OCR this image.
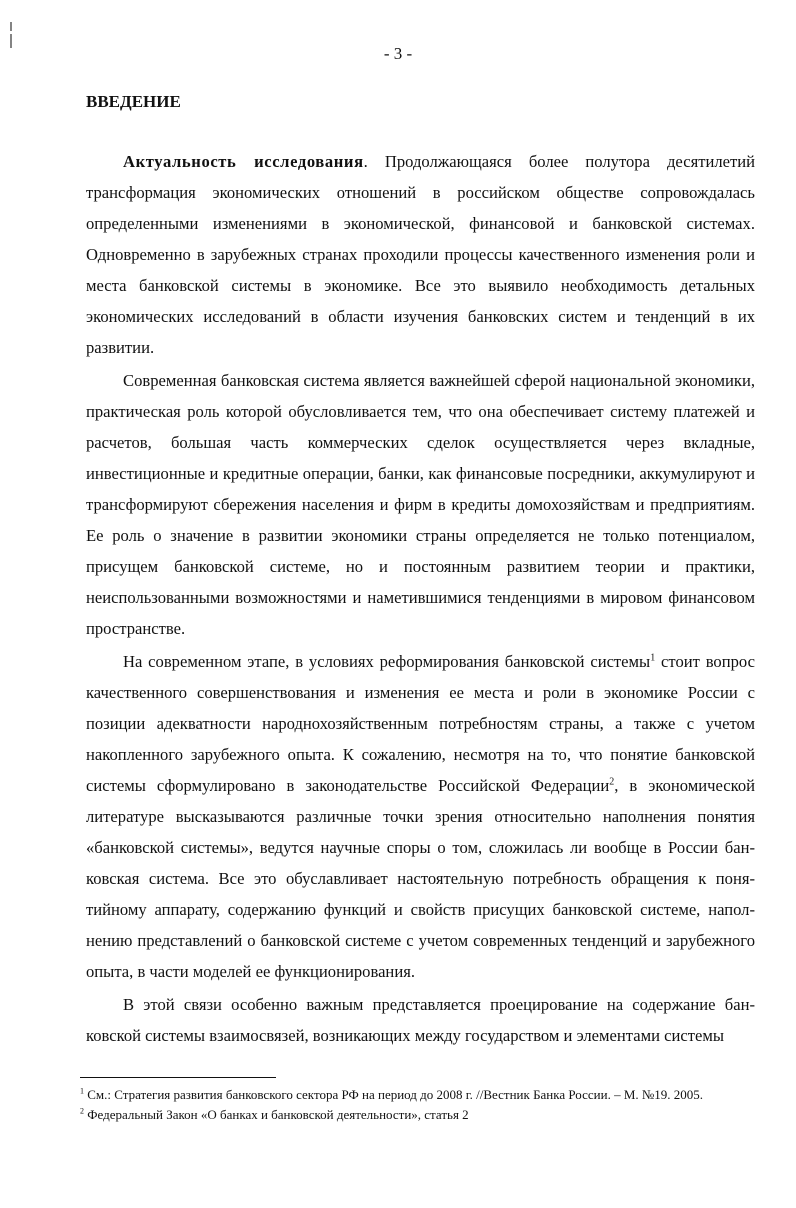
- 3 -
ВВЕДЕНИЕ

Актуальность исследования. Продолжающаяся более полутора десятилетий трансформация экономических отношений в российском обществе сопровождалась определенными изменениями в экономической, финансовой и банковской системах. Одновременно в зарубежных странах проходили процессы качественного изменения роли и места банковской системы в экономике. Все это выявило необходимость детальных экономических исследований в области изучения банковских систем и тенденций в их развитии.

Современная банковская система является важнейшей сферой национальной экономики, практическая роль которой обусловливается тем, что она обеспечивает систему платежей и расчетов, большая часть коммерческих сделок осуществляется через вкладные, инвестиционные и кредитные операции, банки, как финансовые посредники, аккумулируют и трансформируют сбережения населения и фирм в кредиты домохозяйствам и предприятиям. Ее роль о значение в развитии экономики страны определяется не только потенциалом, присущем банковской системе, но и постоянным развитием теории и практики, неиспользованными возможностями и наметившимися тенденциями в мировом финансовом пространстве.

На современном этапе, в условиях реформирования банковской системы$^1$ стоит вопрос качественного совершенствования и изменения ее места и роли в экономике России с позиции адекватности народнохозяйственным потребностям страны, а также с учетом накопленного зарубежного опыта. К сожалению, несмотря на то, что понятие банковской системы сформулировано в законодательстве Российской Федерации$^2$, в экономической литературе высказываются различные точки зрения относительно наполнения понятия «банковской системы», ведутся научные споры о том, сложилась ли вообще в России банковская система. Все это обуславливает настоятельную потребность обращения к понятийному аппарату, содержанию функций и свойств присущих банковской системе, наполнению представлений о банковской системе с учетом современных тенденций и зарубежного опыта, в части моделей ее функционирования.

В этой связи особенно важным представляется проецирование на содержание банковской системы взаимосвязей, возникающих между государством и элементами системы

$^1$ См.: Стратегия развития банковского сектора РФ на период до 2008 г. //Вестник Банка России. – М. №19. 2005.
$^2$ Федеральный Закон «О банках и банковской деятельности», статья 2
